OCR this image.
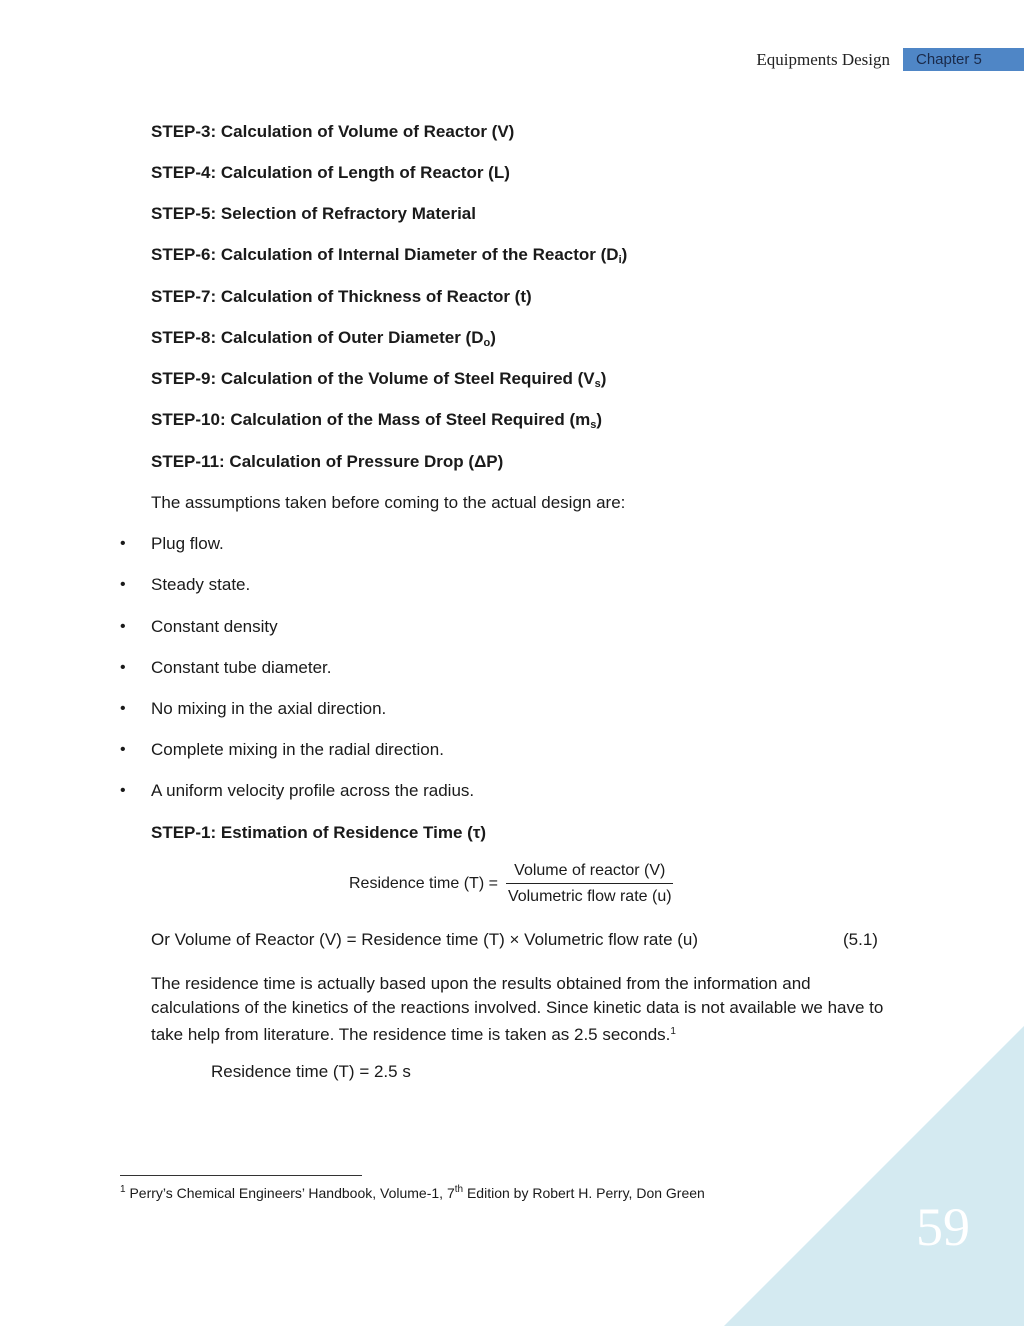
Equipments Design Chapter 5
STEP-3: Calculation of Volume of Reactor (V)
STEP-4: Calculation of Length of Reactor (L)
STEP-5: Selection of Refractory Material
STEP-6: Calculation of Internal Diameter of the Reactor $(D_i)$
STEP-7: Calculation of Thickness of Reactor (t)
STEP-8: Calculation of Outer Diameter $(D_o)$
STEP-9: Calculation of the Volume of Steel Required $(V_s)$
STEP-10: Calculation of the Mass of Steel Required $(m_s)$
STEP-11: Calculation of Pressure Drop (ΔP)
The assumptions taken before coming to the actual design are:
• Plug flow.
• Steady state.
• Constant density
• Constant tube diameter.
• No mixing in the axial direction.
• Complete mixing in the radial direction.
• A uniform velocity profile across the radius.
STEP-1: Estimation of Residence Time (τ)
Residence time $(T) = \frac{\text{Volume of reactor (V)}}{\text{Volumetric flow rate (u)}}$
Or Volume of Reactor (V) = Residence time (T) × Volumetric flow rate (u)	(5.1)
The residence time is actually based upon the results obtained from the information and calculations of the kinetics of the reactions involved. Since kinetic data is not available we have to take help from literature. The residence time is taken as 2.5 seconds.$^1$
Residence time (T) = 2.5 s
$^1$ Perry’s Chemical Engineers’ Handbook, Volume-1, 7th Edition by Robert H. Perry, Don Green
59
